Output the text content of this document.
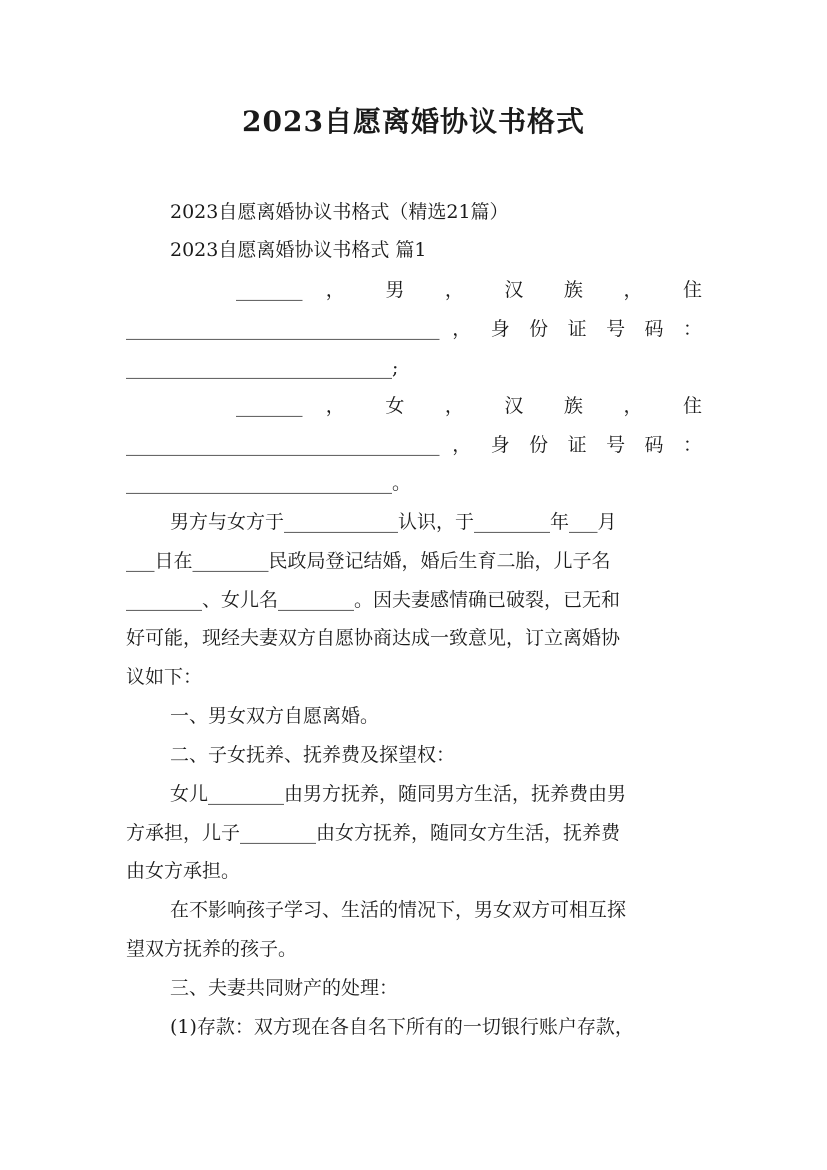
2023自愿离婚协议书格式
2023自愿离婚协议书格式（精选21篇）
2023自愿离婚协议书格式 篇1
_______ ， 男 ， 汉 族 ， 住
_________________________________ ， 身 份 证 号 码 ：
____________________________;
_______ ， 女 ， 汉 族 ， 住
_________________________________ ， 身 份 证 号 码 ：
____________________________。
男方与女方于____________认识，于________年___月
___日在________民政局登记结婚，婚后生育二胎，儿子名
________、女儿名________。因夫妻感情确已破裂，已无和
好可能，现经夫妻双方自愿协商达成一致意见，订立离婚协
议如下：
一、男女双方自愿离婚。
二、子女抚养、抚养费及探望权：
女儿________由男方抚养，随同男方生活，抚养费由男
方承担，儿子________由女方抚养，随同女方生活，抚养费
由女方承担。
在不影响孩子学习、生活的情况下，男女双方可相互探
望双方抚养的孩子。
三、夫妻共同财产的处理：
(1)存款：双方现在各自名下所有的一切银行账户存款，
